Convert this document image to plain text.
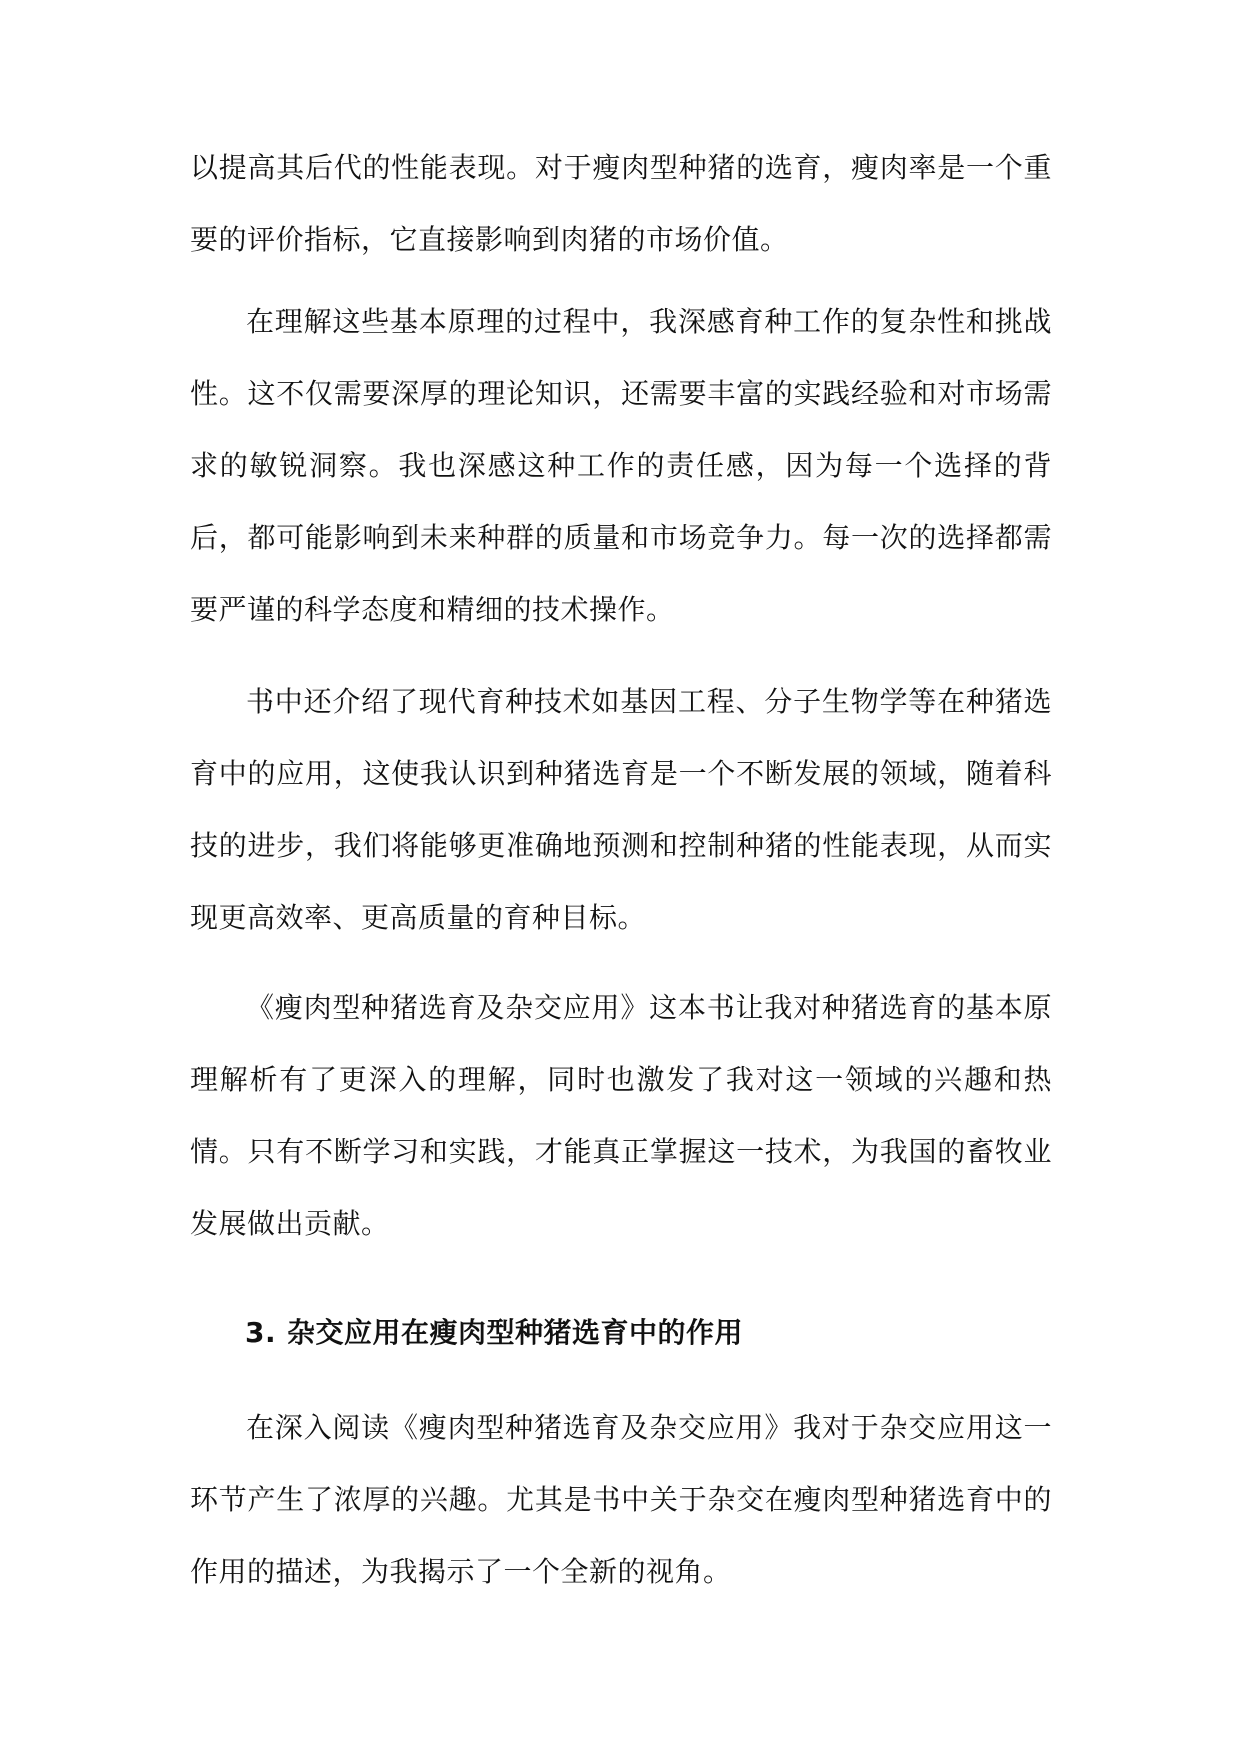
以提高其后代的性能表现。对于瘦肉型种猪的选育，瘦肉率是一个重要的评价指标，它直接影响到肉猪的市场价值。

在理解这些基本原理的过程中，我深感育种工作的复杂性和挑战性。这不仅需要深厚的理论知识，还需要丰富的实践经验和对市场需求的敏锐洞察。我也深感这种工作的责任感，因为每一个选择的背后，都可能影响到未来种群的质量和市场竞争力。每一次的选择都需要严谨的科学态度和精细的技术操作。

书中还介绍了现代育种技术如基因工程、分子生物学等在种猪选育中的应用，这使我认识到种猪选育是一个不断发展的领域，随着科技的进步，我们将能够更准确地预测和控制种猪的性能表现，从而实现更高效率、更高质量的育种目标。

《瘦肉型种猪选育及杂交应用》这本书让我对种猪选育的基本原理解析有了更深入的理解，同时也激发了我对这一领域的兴趣和热情。只有不断学习和实践，才能真正掌握这一技术，为我国的畜牧业发展做出贡献。

3. 杂交应用在瘦肉型种猪选育中的作用

在深入阅读《瘦肉型种猪选育及杂交应用》我对于杂交应用这一环节产生了浓厚的兴趣。尤其是书中关于杂交在瘦肉型种猪选育中的作用的描述，为我揭示了一个全新的视角。
